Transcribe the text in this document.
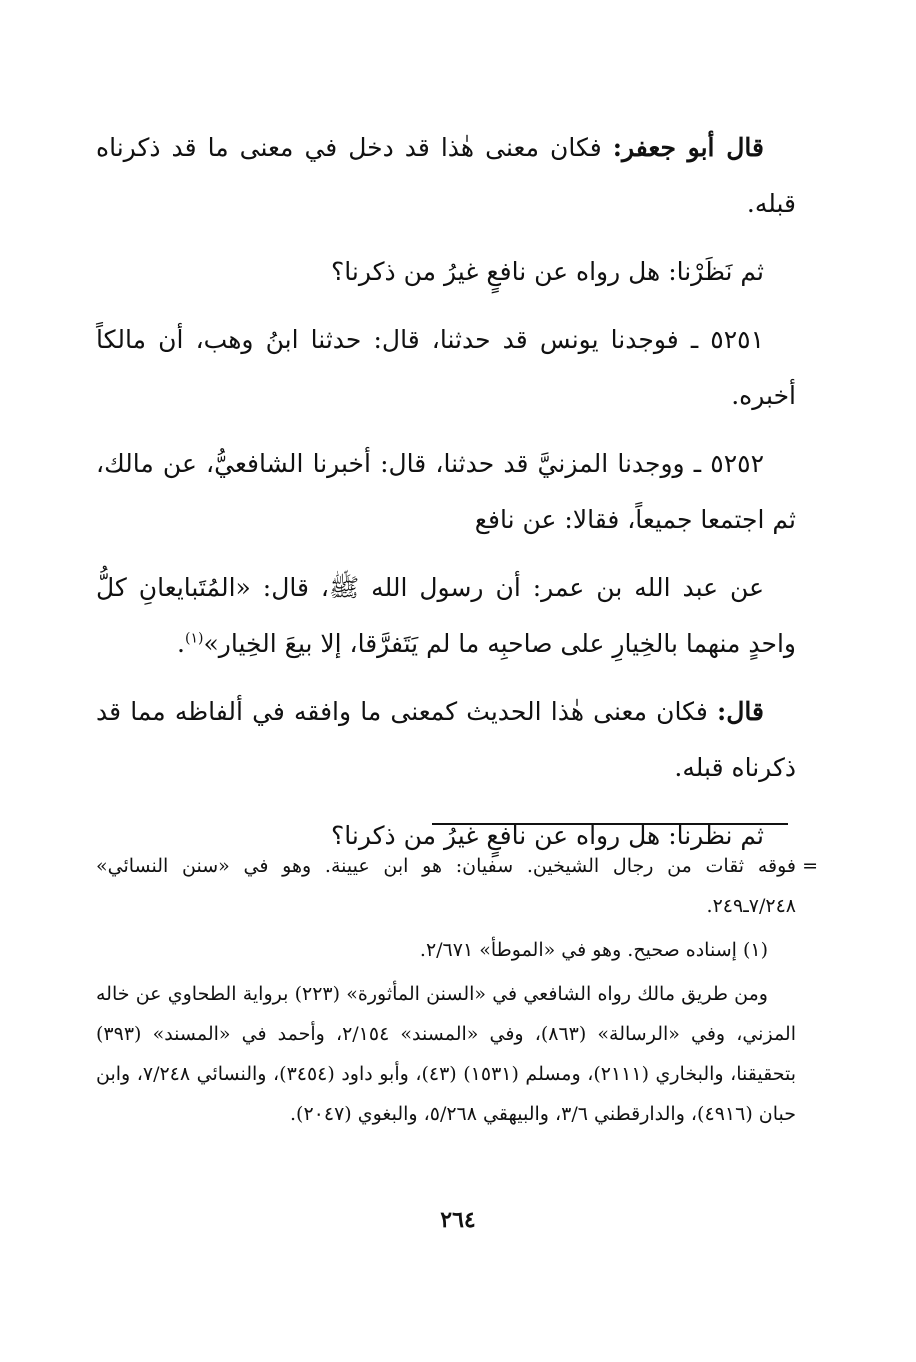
قال أبو جعفر: فكان معنى هٰذا قد دخل في معنى ما قد ذكرناه قبله.

ثم نَظَرْنا: هل رواه عن نافعٍ غيرُ من ذكرنا؟

٥٢٥١ ـ فوجدنا يونس قد حدثنا، قال: حدثنا ابنُ وهب، أن مالكاً أخبره.

٥٢٥٢ ـ ووجدنا المزنيَّ قد حدثنا، قال: أخبرنا الشافعيُّ، عن مالك، ثم اجتمعا جميعاً، فقالا: عن نافع

عن عبد الله بن عمر: أن رسول الله ﷺ، قال: «المُتَبايعانِ كلُّ واحدٍ منهما بالخِيارِ على صاحبِه ما لم يَتَفرَّقا، إلا بيعَ الخِيار»$^{(١)}$.

قال: فكان معنى هٰذا الحديث كمعنى ما وافقه في ألفاظه مما قد ذكرناه قبله.

ثم نظرنا: هل رواه عن نافعٍ غيرُ من ذكرنا؟

=
فوقه ثقات من رجال الشيخين. سفيان: هو ابن عيينة. وهو في «سنن النسائي» ٧/٢٤٨ـ٢٤٩.

(١) إسناده صحيح. وهو في «الموطأ» ٢/٦٧١.

ومن طريق مالك رواه الشافعي في «السنن المأثورة» (٢٢٣) برواية الطحاوي عن خاله المزني، وفي «الرسالة» (٨٦٣)، وفي «المسند» ٢/١٥٤، وأحمد في «المسند» (٣٩٣) بتحقيقنا، والبخاري (٢١١١)، ومسلم (١٥٣١) (٤٣)، وأبو داود (٣٤٥٤)، والنسائي ٧/٢٤٨، وابن حبان (٤٩١٦)، والدارقطني ٣/٦، والبيهقي ٥/٢٦٨، والبغوي (٢٠٤٧).

٢٦٤
